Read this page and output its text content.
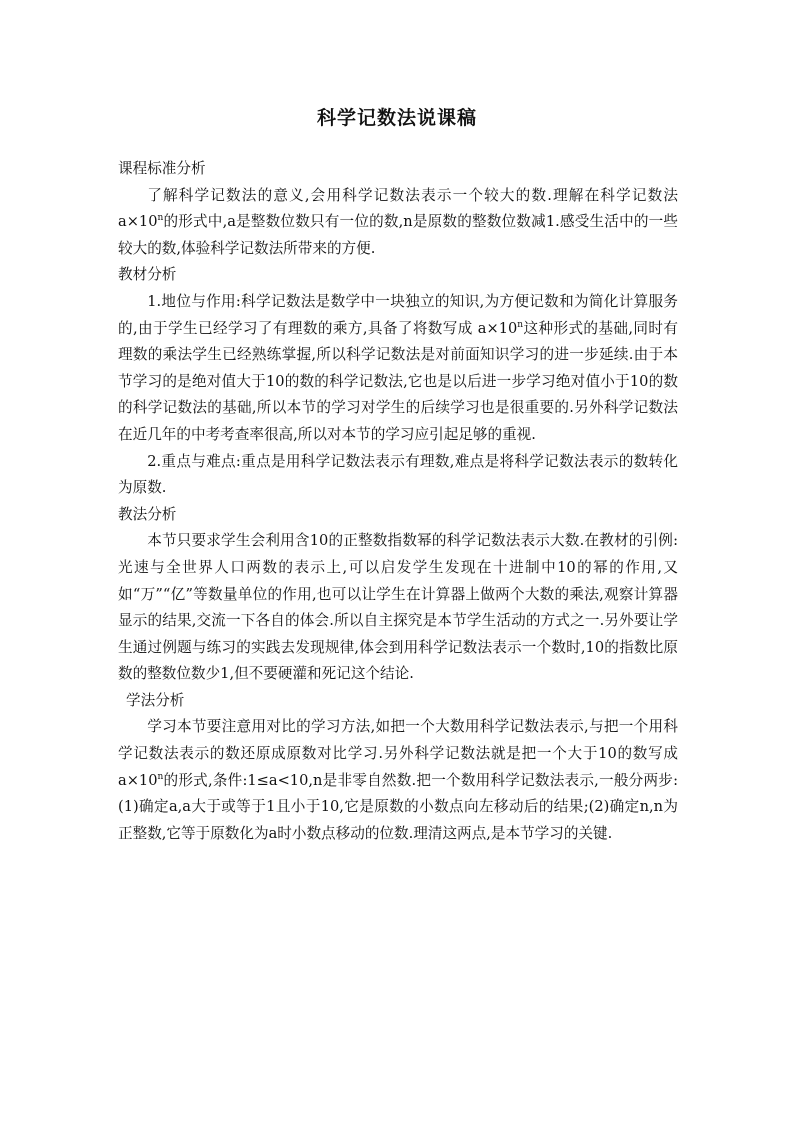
科学记数法说课稿
课程标准分析

了解科学记数法的意义,会用科学记数法表示一个较大的数.理解在科学记数法 $a\times 10^n$的形式中,a是整数位数只有一位的数,n是原数的整数位数减1.感受生活中的一些较大的数,体验科学记数法所带来的方便.

教材分析

1.地位与作用:科学记数法是数学中一块独立的知识,为方便记数和为简化计算服务的,由于学生已经学习了有理数的乘方,具备了将数写成 $a\times 10^n$这种形式的基础,同时有理数的乘法学生已经熟练掌握,所以科学记数法是对前面知识学习的进一步延续.由于本节学习的是绝对值大于10的数的科学记数法,它也是以后进一步学习绝对值小于10的数的科学记数法的基础,所以本节的学习对学生的后续学习也是很重要的.另外科学记数法在近几年的中考考查率很高,所以对本节的学习应引起足够的重视.

2.重点与难点:重点是用科学记数法表示有理数,难点是将科学记数法表示的数转化为原数.

教法分析

本节只要求学生会利用含10的正整数指数幂的科学记数法表示大数.在教材的引例:光速与全世界人口两数的表示上,可以启发学生发现在十进制中10的幂的作用,又如“万”“亿”等数量单位的作用,也可以让学生在计算器上做两个大数的乘法,观察计算器显示的结果,交流一下各自的体会.所以自主探究是本节学生活动的方式之一.另外要让学生通过例题与练习的实践去发现规律,体会到用科学记数法表示一个数时,10的指数比原数的整数位数少1,但不要硬灌和死记这个结论.

学法分析

学习本节要注意用对比的学习方法,如把一个大数用科学记数法表示,与把一个用科学记数法表示的数还原成原数对比学习.另外科学记数法就是把一个大于10的数写成 $a\times 10^n$的形式,条件:1≤a<10,n是非零自然数.把一个数用科学记数法表示,一般分两步:(1)确定a,a大于或等于1且小于10,它是原数的小数点向左移动后的结果;(2)确定n,n为正整数,它等于原数化为a时小数点移动的位数.理清这两点,是本节学习的关键.
